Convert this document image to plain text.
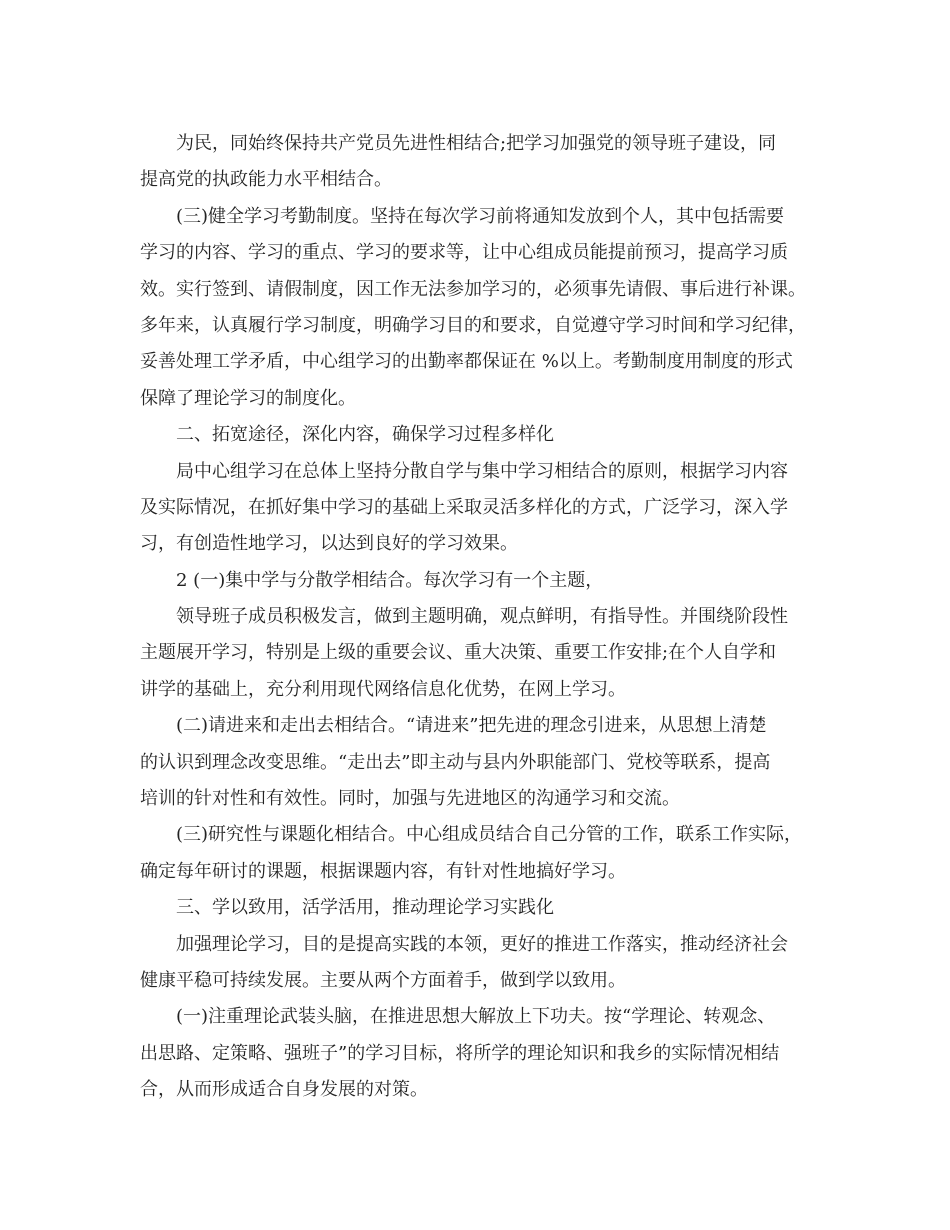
为民，同始终保持共产党员先进性相结合;把学习加强党的领导班子建设，同
提高党的执政能力水平相结合。
(三)健全学习考勤制度。坚持在每次学习前将通知发放到个人，其中包括需要
学习的内容、学习的重点、学习的要求等，让中心组成员能提前预习，提高学习质
效。实行签到、请假制度，因工作无法参加学习的，必须事先请假、事后进行补课。
多年来，认真履行学习制度，明确学习目的和要求，自觉遵守学习时间和学习纪律，
妥善处理工学矛盾，中心组学习的出勤率都保证在 %以上。考勤制度用制度的形式
保障了理论学习的制度化。
二、拓宽途径，深化内容，确保学习过程多样化
局中心组学习在总体上坚持分散自学与集中学习相结合的原则，根据学习内容
及实际情况，在抓好集中学习的基础上采取灵活多样化的方式，广泛学习，深入学
习，有创造性地学习，以达到良好的学习效果。
2 (一)集中学与分散学相结合。每次学习有一个主题，
领导班子成员积极发言，做到主题明确，观点鲜明，有指导性。并围绕阶段性
主题展开学习，特别是上级的重要会议、重大决策、重要工作安排;在个人自学和
讲学的基础上，充分利用现代网络信息化优势，在网上学习。
(二)请进来和走出去相结合。“请进来”把先进的理念引进来，从思想上清楚
的认识到理念改变思维。“走出去”即主动与县内外职能部门、党校等联系，提高
培训的针对性和有效性。同时，加强与先进地区的沟通学习和交流。
(三)研究性与课题化相结合。中心组成员结合自己分管的工作，联系工作实际，
确定每年研讨的课题，根据课题内容，有针对性地搞好学习。
三、学以致用，活学活用，推动理论学习实践化
加强理论学习，目的是提高实践的本领，更好的推进工作落实，推动经济社会
健康平稳可持续发展。主要从两个方面着手，做到学以致用。
(一)注重理论武装头脑，在推进思想大解放上下功夫。按“学理论、转观念、
出思路、定策略、强班子”的学习目标，将所学的理论知识和我乡的实际情况相结
合，从而形成适合自身发展的对策。
